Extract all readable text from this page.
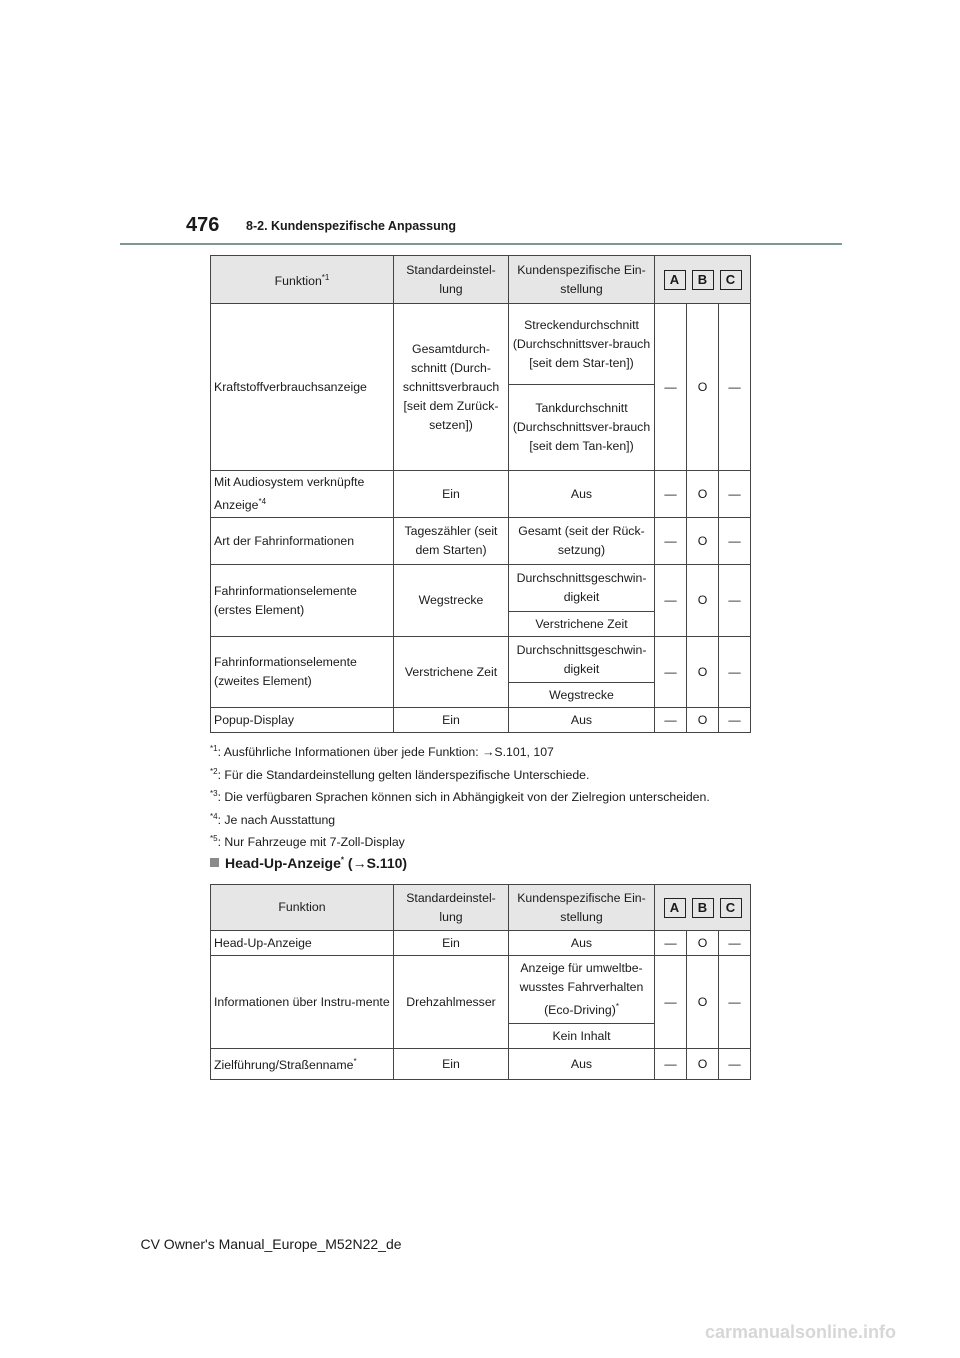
476 8-2. Kundenspezifische Anpassung
Funktion$^{*1}$	Standardeinstel-lung	Kundenspezifische Ein-stellung	A B C		

Kraftstoffverbrauchsanzeige	Gesamtdurch-schnitt (Durch-schnittsverbrauch [seit dem Zurück-setzen])	Streckendurchschnitt (Durchschnittsver-brauch [seit dem Star-ten])	—	O	—
		Tankdurchschnitt (Durchschnittsver-brauch [seit dem Tan-ken])			
Mit Audiosystem verknüpfte Anzeige$^{*4}$	Ein	Aus	—	O	—
Art der Fahrinformationen	Tageszähler (seit dem Starten)	Gesamt (seit der Rück-setzung)	—	O	—
Fahrinformationselemente (erstes Element)	Wegstrecke	Durchschnittsgeschwin-digkeit	—	O	—
		Verstrichene Zeit			
Fahrinformationselemente (zweites Element)	Verstrichene Zeit	Durchschnittsgeschwin-digkeit	—	O	—
		Wegstrecke			
Popup-Display	Ein	Aus	—	O	—
$^{*1}$: Ausführliche Informationen über jede Funktion: →S.101, 107
$^{*2}$: Für die Standardeinstellung gelten länderspezifische Unterschiede.
$^{*3}$: Die verfügbaren Sprachen können sich in Abhängigkeit von der Zielregion unterscheiden.
$^{*4}$: Je nach Ausstattung
$^{*5}$: Nur Fahrzeuge mit 7-Zoll-Display
Head-Up-Anzeige* (→S.110)
Funktion	Standardeinstel-lung	Kundenspezifische Ein-stellung	A B C		

Head-Up-Anzeige	Ein	Aus	—	O	—
Informationen über Instru-mente	Drehzahlmesser	Anzeige für umweltbe-wusstes Fahrverhalten (Eco-Driving)*	—	O	—
		Kein Inhalt			
Zielführung/Straßenname*	Ein	Aus	—	O	—
CV Owner's Manual_Europe_M52N22_de
carmanualsonline.info
